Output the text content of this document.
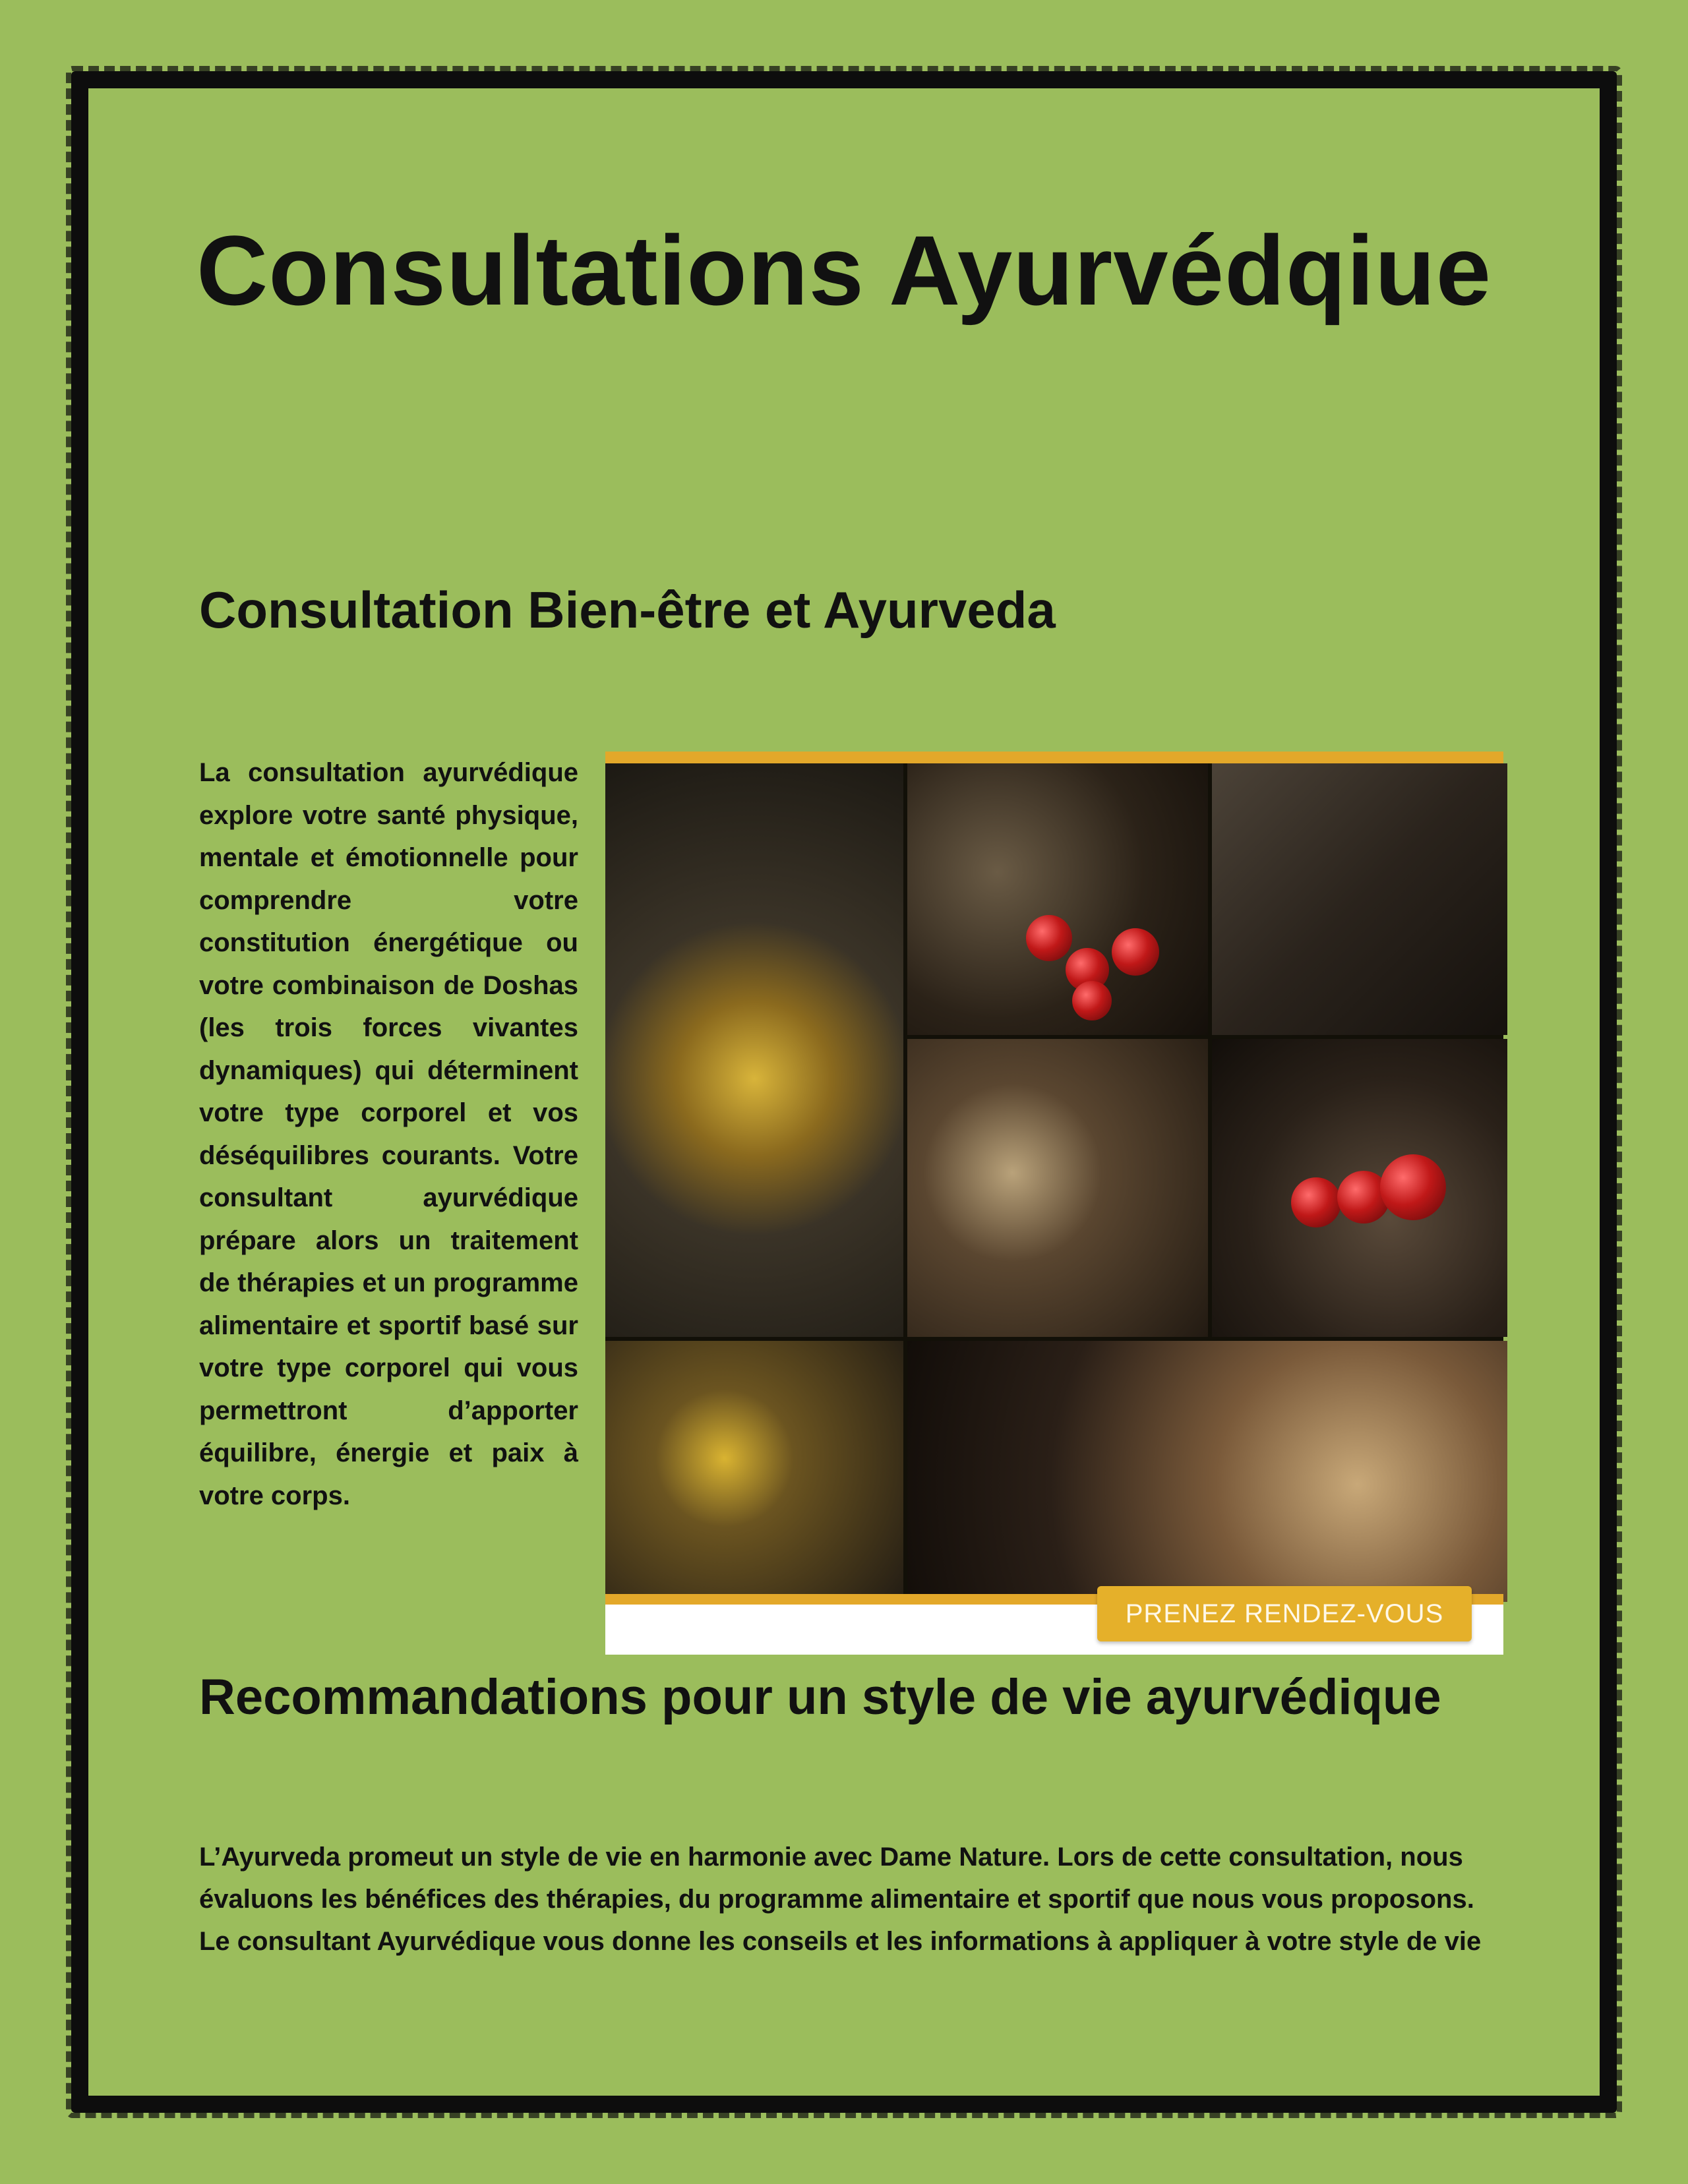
Consultations Ayurvédqiue
Consultation Bien-être et Ayurveda

La consultation ayurvédique explore votre santé physique, mentale et émotionnelle pour comprendre votre constitution énergétique ou votre combinaison de Doshas (les trois forces vivantes dynamiques) qui déterminent votre type corporel et vos déséquilibres courants. Votre consultant ayurvédique prépare alors un traitement de thérapies et un programme alimentaire et sportif basé sur votre type corporel qui vous permettront d’apporter équilibre, énergie et paix à votre corps.

PRENEZ RENDEZ-VOUS
Recommandations pour un style de vie ayurvédique

L’Ayurveda promeut un style de vie en harmonie avec Dame Nature. Lors de cette consultation, nous évaluons les bénéfices des thérapies, du programme alimentaire et sportif que nous vous proposons. Le consultant Ayurvédique vous donne les conseils et les informations à appliquer à votre style de vie
